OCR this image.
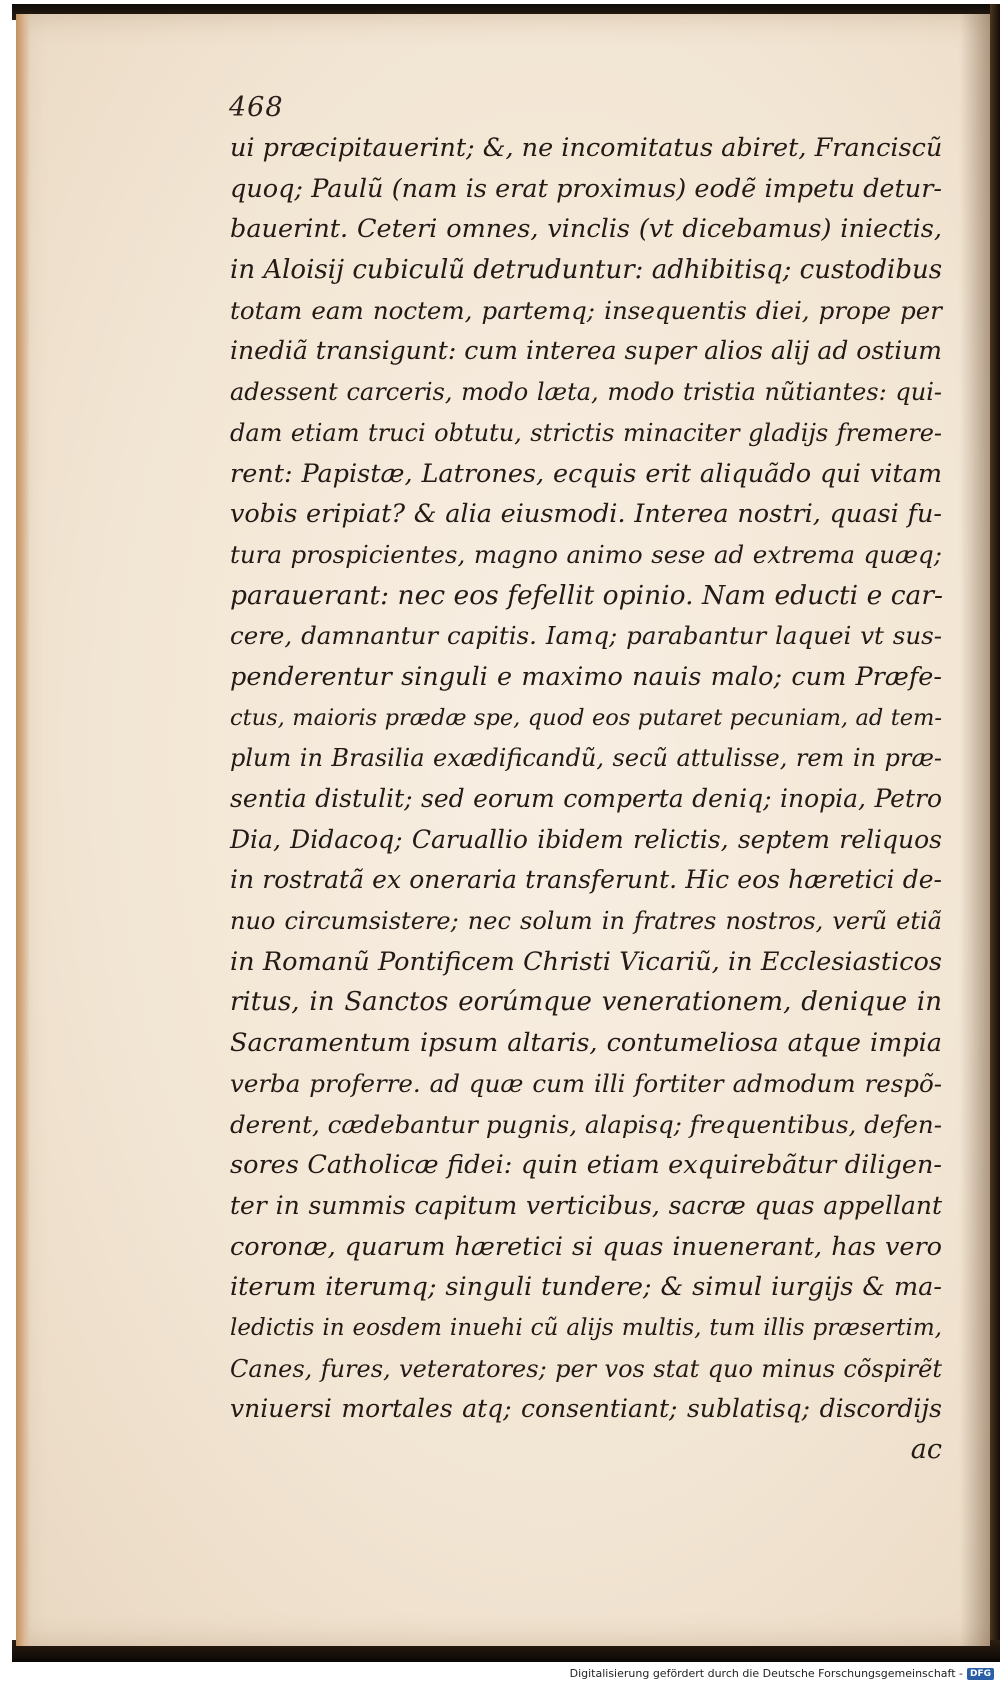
468
ui præcipitauerint; &, ne incomitatus abiret, Franciscũ
quoq; Paulũ (nam is erat proximus) eodẽ impetu detur-
bauerint. Ceteri omnes, vinclis (vt dicebamus) iniectis,
in Aloisij cubiculũ detruduntur: adhibitisq; custodibus
totam eam noctem, partemq; insequentis diei, prope per
inediã transigunt: cum interea super alios alij ad ostium
adessent carceris, modo læta, modo tristia nũtiantes: qui-
dam etiam truci obtutu, strictis minaciter gladijs fremere-
rent: Papistæ, Latrones, ecquis erit aliquãdo qui vitam
vobis eripiat? & alia eiusmodi. Interea nostri, quasi fu-
tura prospicientes, magno animo sese ad extrema quæq;
parauerant: nec eos fefellit opinio. Nam educti e car-
cere, damnantur capitis. Iamq; parabantur laquei vt sus-
penderentur singuli e maximo nauis malo; cum Præfe-
ctus, maioris prædæ spe, quod eos putaret pecuniam, ad tem-
plum in Brasilia exædificandũ, secũ attulisse, rem in præ-
sentia distulit; sed eorum comperta deniq; inopia, Petro
Dia, Didacoq; Caruallio ibidem relictis, septem reliquos
in rostratã ex oneraria transferunt. Hic eos hæretici de-
nuo circumsistere; nec solum in fratres nostros, verũ etiã
in Romanũ Pontificem Christi Vicariũ, in Ecclesiasticos
ritus, in Sanctos eorúmque venerationem, denique in
Sacramentum ipsum altaris, contumeliosa atque impia
verba proferre. ad quæ cum illi fortiter admodum respõ-
derent, cædebantur pugnis, alapisq; frequentibus, defen-
sores Catholicæ fidei: quin etiam exquirebãtur diligen-
ter in summis capitum verticibus, sacræ quas appellant
coronæ, quarum hæretici si quas inuenerant, has vero
iterum iterumq; singuli tundere; & simul iurgijs & ma-
ledictis in eosdem inuehi cũ alijs multis, tum illis præsertim,
Canes, fures, veteratores; per vos stat quo minus cõspirẽt
vniuersi mortales atq; consentiant; sublatisq; discordijs
ac
Digitalisierung gefördert durch die Deutsche Forschungsgemeinschaft - DFG
